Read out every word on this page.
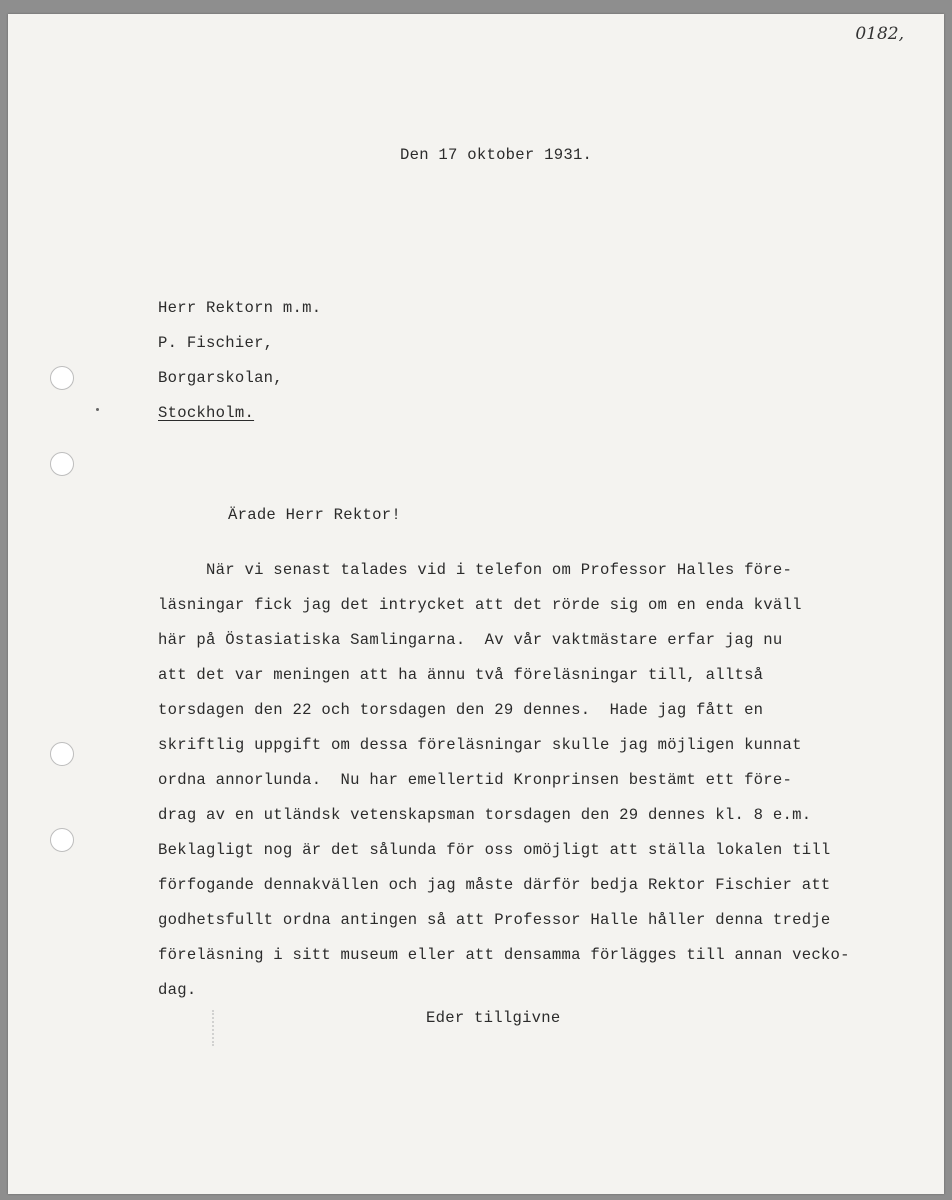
0182,
Den 17 oktober 1931.
Herr Rektorn m.m.
P. Fischier,
Borgarskolan,
Stockholm.
Ärade Herr Rektor!

När vi senast talades vid i telefon om Professor Halles före-

läsningar fick jag det intrycket att det rörde sig om en enda kväll

här på Östasiatiska Samlingarna.  Av vår vaktmästare erfar jag nu

att det var meningen att ha ännu två föreläsningar till, alltså

torsdagen den 22 och torsdagen den 29 dennes.  Hade jag fått en

skriftlig uppgift om dessa föreläsningar skulle jag möjligen kunnat

ordna annorlunda.  Nu har emellertid Kronprinsen bestämt ett före-

drag av en utländsk vetenskapsman torsdagen den 29 dennes kl. 8 e.m.

Beklagligt nog är det sålunda för oss omöjligt att ställa lokalen till

förfogande dennakvällen och jag måste därför bedja Rektor Fischier att

godhetsfullt ordna antingen så att Professor Halle håller denna tredje

föreläsning i sitt museum eller att densamma förlägges till annan vecko-

dag.

Eder tillgivne
